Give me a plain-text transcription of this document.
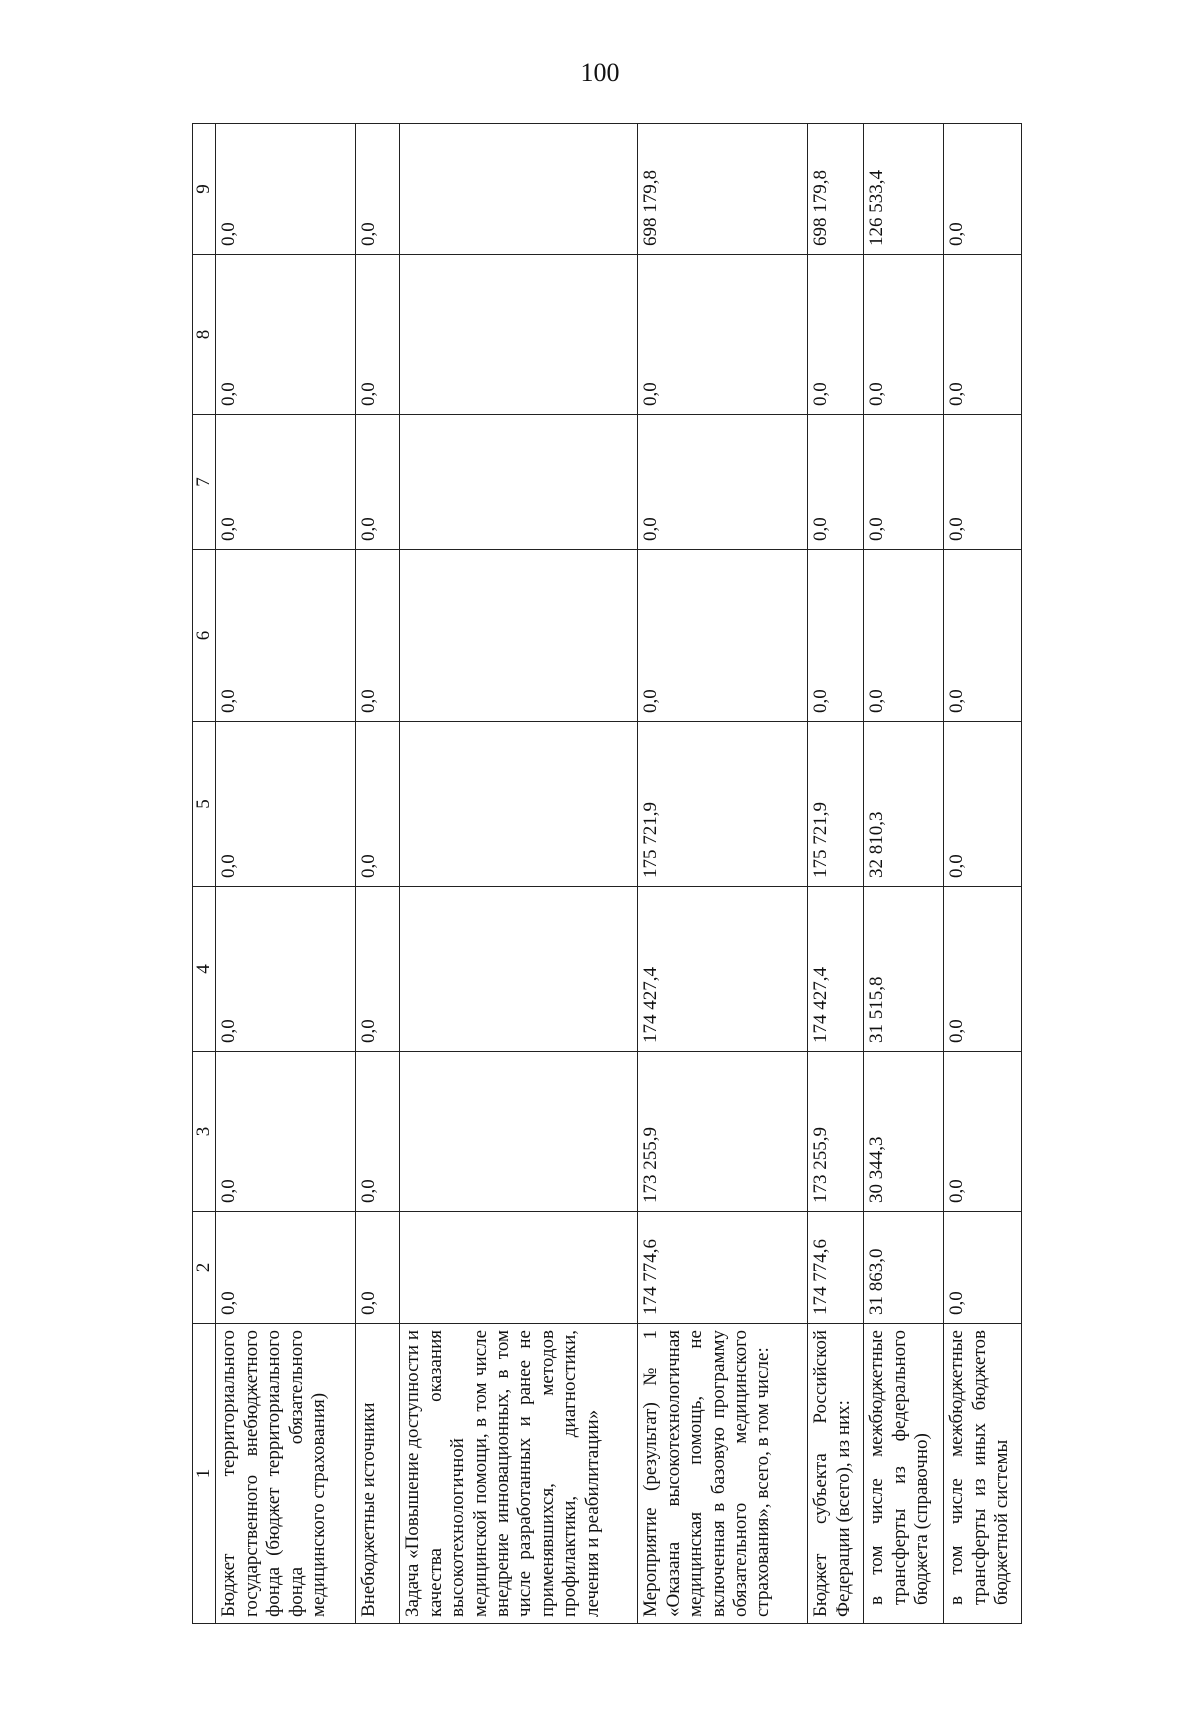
100
1	2	3	4	5	6	7	8	9
Бюджет территориального государственного внебюджетного фонда (бюджет территориального фонда обязательного медицинского страхования)	0,0	0,0	0,0	0,0	0,0	0,0	0,0	0,0
Внебюджетные источники	0,0	0,0	0,0	0,0	0,0	0,0	0,0	0,0
Задача «Повышение доступности и качества оказания высокотехнологичной медицинской помощи, в том числе внедрение инновационных, в том числе разработанных и ранее не применявшихся, методов профилактики, диагностики, лечения и реабилитации»								
Мероприятие (результат) № 1 «Оказана высокотехнологичная медицинская помощь, не включенная в базовую программу обязательного медицинского страхования», всего, в том числе:	174 774,6	173 255,9	174 427,4	175 721,9	0,0	0,0	0,0	698 179,8
Бюджет субъекта Российской Федерации (всего), из них:	174 774,6	173 255,9	174 427,4	175 721,9	0,0	0,0	0,0	698 179,8
в том числе межбюджетные трансферты из федерального бюджета (справочно)	31 863,0	30 344,3	31 515,8	32 810,3	0,0	0,0	0,0	126 533,4
в том числе межбюджетные трансферты из иных бюджетов бюджетной системы	0,0	0,0	0,0	0,0	0,0	0,0	0,0	0,0
